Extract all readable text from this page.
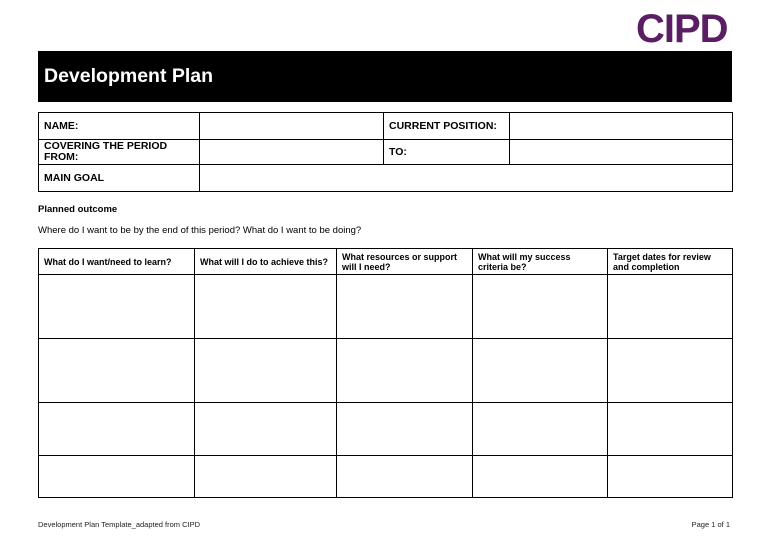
CIPD
Development Plan
NAME:		CURRENT POSITION:	
COVERING THE PERIOD FROM:		TO:	
MAIN GOAL			
Planned outcome
Where do I want to be by the end of this period? What do I want to be doing?
What do I want/need to learn?	What will I do to achieve this?	What resources or support will I need?	What will my success criteria be?	Target dates for review and completion

Development Plan Template_adapted from CIPD	Page 1 of 1
